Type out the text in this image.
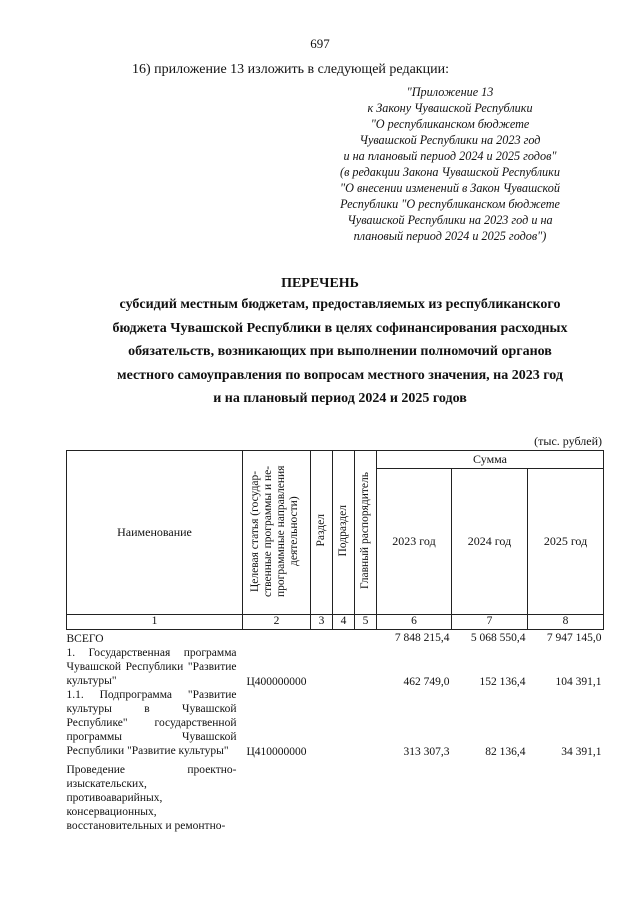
697
16) приложение 13 изложить в следующей редакции:
"Приложение 13
к Закону Чувашской Республики
"О республиканском бюджете
Чувашской Республики на 2023 год
и на плановый период 2024 и 2025 годов"
(в редакции Закона Чувашской Республики
"О внесении изменений в Закон Чувашской
Республики "О республиканском бюджете
Чувашской Республики на 2023 год и на
плановый период 2024 и 2025 годов")
ПЕРЕЧЕНЬ
субсидий местным бюджетам, предоставляемых из республиканского
бюджета Чувашской Республики в целях софинансирования расходных
обязательств, возникающих при выполнении полномочий органов
местного самоуправления по вопросам местного значения, на 2023 год
и на плановый период 2024 и 2025 годов
(тыс. рублей)
Наименование	Целевая статья (государ-ственные программы и не-программные направления деятельности)	Раздел	Подраздел	Главный распорядитель	Сумма		
					2023 год	2024 год	2025 год
1	2	3	4	5	6	7	8
ВСЕГО					7 848 215,4	5 068 550,4	7 947 145,0
1. Государственная программа Чувашской Республики "Развитие культуры"	Ц400000000				462 749,0	152 136,4	104 391,1
1.1. Подпрограмма "Развитие культуры в Чувашской Республике" государственной программы Чувашской Республики "Развитие культуры"	Ц410000000				313 307,3	82 136,4	34 391,1
Проведение проектно-изыскательских, противоаварийных, консервационных, восстановительных и ремонтно-							
